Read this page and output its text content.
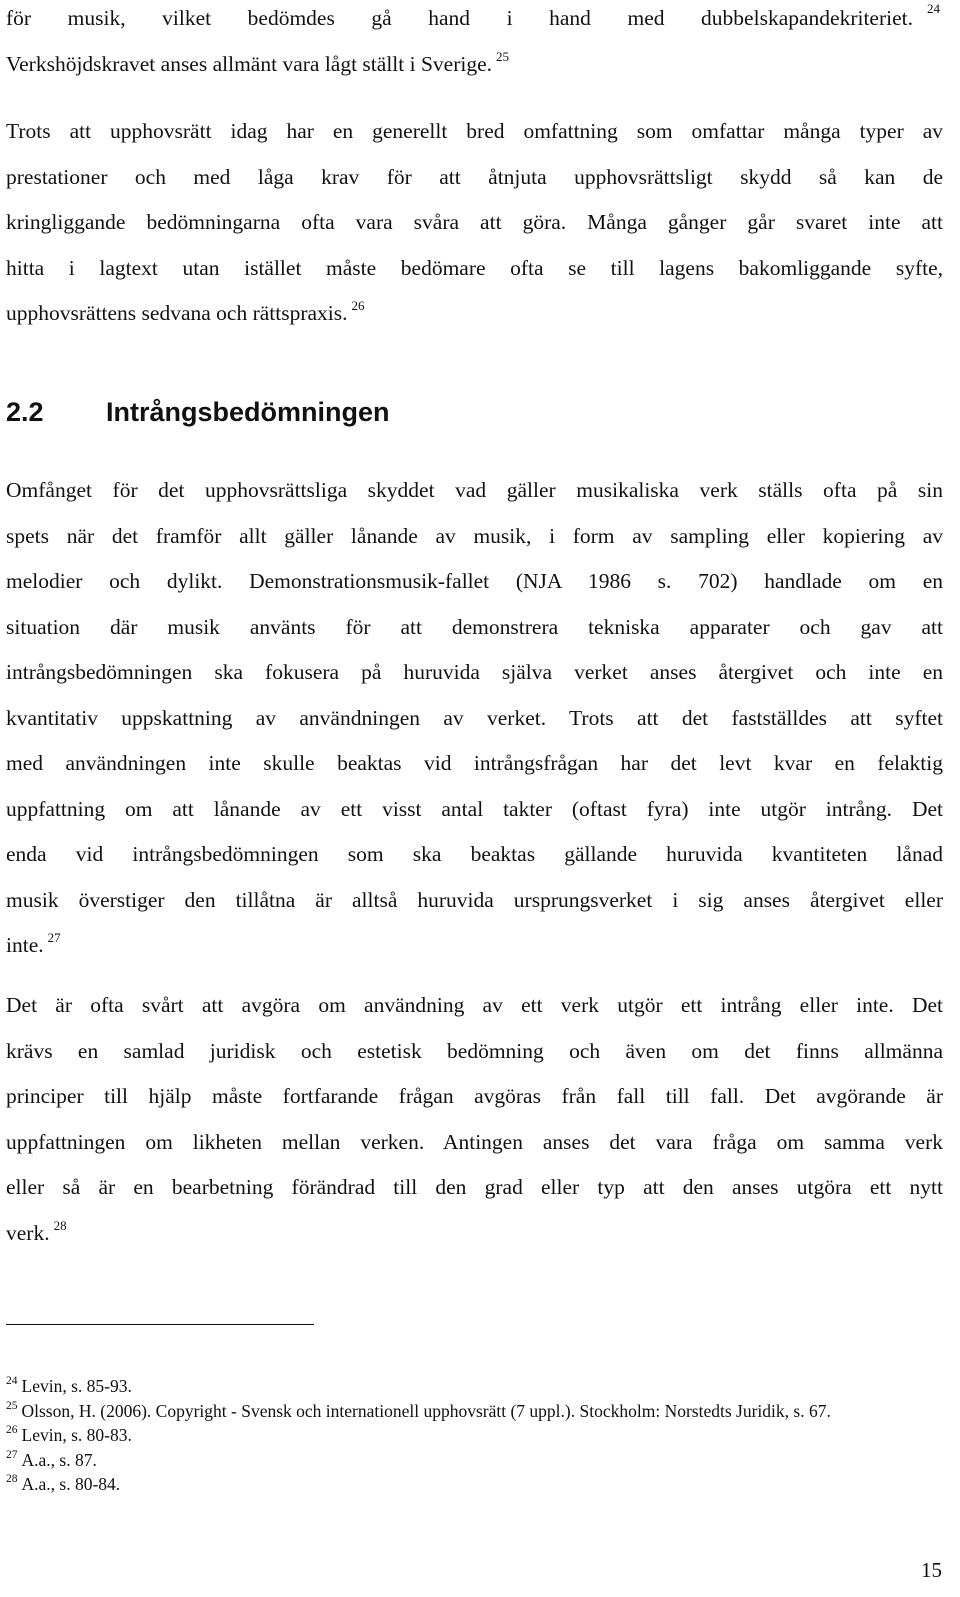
för musik, vilket bedömdes gå hand i hand med dubbelskapandekriteriet.
Verkshöjdskravet anses allmänt vara lågt ställt i Sverige. $^{25}$
24
Trots att upphovsrätt idag har en generellt bred omfattning som omfattar många typer av
prestationer och med låga krav för att åtnjuta upphovsrättsligt skydd så kan de
kringliggande bedömningarna ofta vara svåra att göra. Många gånger går svaret inte att
hitta i lagtext utan istället måste bedömare ofta se till lagens bakomliggande syfte,
upphovsrättens sedvana och rättspraxis. $^{26}$
2.2 Intrångsbedömningen
Omfånget för det upphovsrättsliga skyddet vad gäller musikaliska verk ställs ofta på sin
spets när det framför allt gäller lånande av musik, i form av sampling eller kopiering av
melodier och dylikt. Demonstrationsmusik-fallet (NJA 1986 s. 702) handlade om en
situation där musik använts för att demonstrera tekniska apparater och gav att
intrångsbedömningen ska fokusera på huruvida själva verket anses återgivet och inte en
kvantitativ uppskattning av användningen av verket. Trots att det fastställdes att syftet
med användningen inte skulle beaktas vid intrångsfrågan har det levt kvar en felaktig
uppfattning om att lånande av ett visst antal takter (oftast fyra) inte utgör intrång. Det
enda vid intrångsbedömningen som ska beaktas gällande huruvida kvantiteten lånad
musik överstiger den tillåtna är alltså huruvida ursprungsverket i sig anses återgivet eller
inte. $^{27}$
Det är ofta svårt att avgöra om användning av ett verk utgör ett intrång eller inte. Det
krävs en samlad juridisk och estetisk bedömning och även om det finns allmänna
principer till hjälp måste fortfarande frågan avgöras från fall till fall. Det avgörande är
uppfattningen om likheten mellan verken. Antingen anses det vara fråga om samma verk
eller så är en bearbetning förändrad till den grad eller typ att den anses utgöra ett nytt
verk. $^{28}$
$^{24}$ Levin, s. 85-93.
$^{25}$ Olsson, H. (2006). Copyright - Svensk och internationell upphovsrätt (7 uppl.). Stockholm: Norstedts Juridik, s. 67.
$^{26}$ Levin, s. 80-83.
$^{27}$ A.a., s. 87.
$^{28}$ A.a., s. 80-84.
15
